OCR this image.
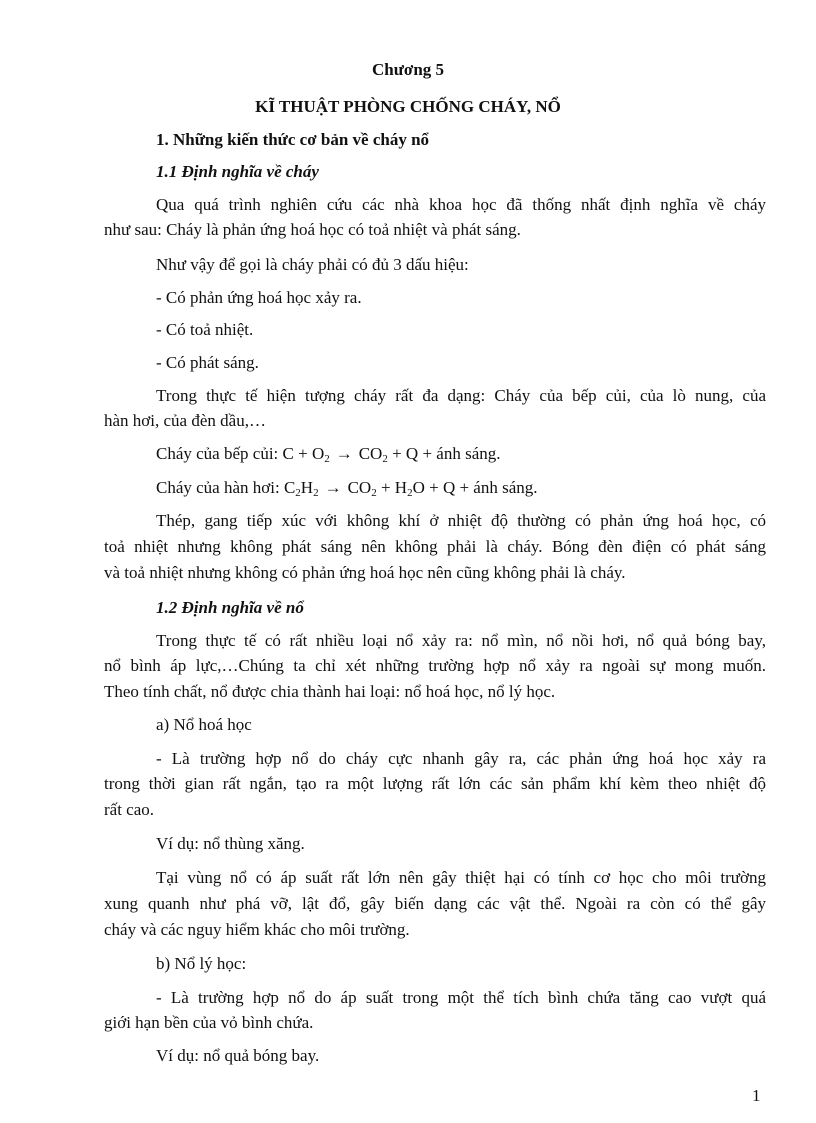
Chương 5
KĨ THUẬT PHÒNG CHỐNG CHÁY, NỔ
1. Những kiến thức cơ bản về cháy nổ
1.1 Định nghĩa về cháy
Qua quá trình nghiên cứu các nhà khoa học đã thống nhất định nghĩa về cháy
như sau: Cháy là phản ứng hoá học có toả nhiệt và phát sáng.
Như vậy để gọi là cháy phải có đủ 3 dấu hiệu:
- Có phản ứng hoá học xảy ra.
- Có toả nhiệt.
- Có phát sáng.
Trong thực tế hiện tượng cháy rất đa dạng: Cháy của bếp củi, của lò nung, của
hàn hơi, của đèn dầu,…
Cháy của bếp củi: $C + O_2 \to CO_2 + Q$ + ánh sáng.
Cháy của hàn hơi: $C_2H_2 \to CO_2 + H_2O + Q$ + ánh sáng.
Thép, gang tiếp xúc với không khí ở nhiệt độ thường có phản ứng hoá học, có
toả nhiệt nhưng không phát sáng nên không phải là cháy. Bóng đèn điện có phát sáng
và toả nhiệt nhưng không có phản ứng hoá học nên cũng không phải là cháy.
1.2 Định nghĩa về nổ
Trong thực tế có rất nhiều loại nổ xảy ra: nổ mìn, nổ nồi hơi, nổ quả bóng bay,
nổ bình áp lực,…Chúng ta chỉ xét những trường hợp nổ xảy ra ngoài sự mong muốn.
Theo tính chất, nổ được chia thành hai loại: nổ hoá học, nổ lý học.
a) Nổ hoá học
- Là trường hợp nổ do cháy cực nhanh gây ra, các phản ứng hoá học xảy ra
trong thời gian rất ngắn, tạo ra một lượng rất lớn các sản phẩm khí kèm theo nhiệt độ
rất cao.
Ví dụ: nổ thùng xăng.
Tại vùng nổ có áp suất rất lớn nên gây thiệt hại có tính cơ học cho môi trường
xung quanh như phá vỡ, lật đổ, gây biến dạng các vật thể. Ngoài ra còn có thể gây
cháy và các nguy hiểm khác cho môi trường.
b) Nổ lý học:
- Là trường hợp nổ do áp suất trong một thể tích bình chứa tăng cao vượt quá
giới hạn bền của vỏ bình chứa.
Ví dụ: nổ quả bóng bay.
1
